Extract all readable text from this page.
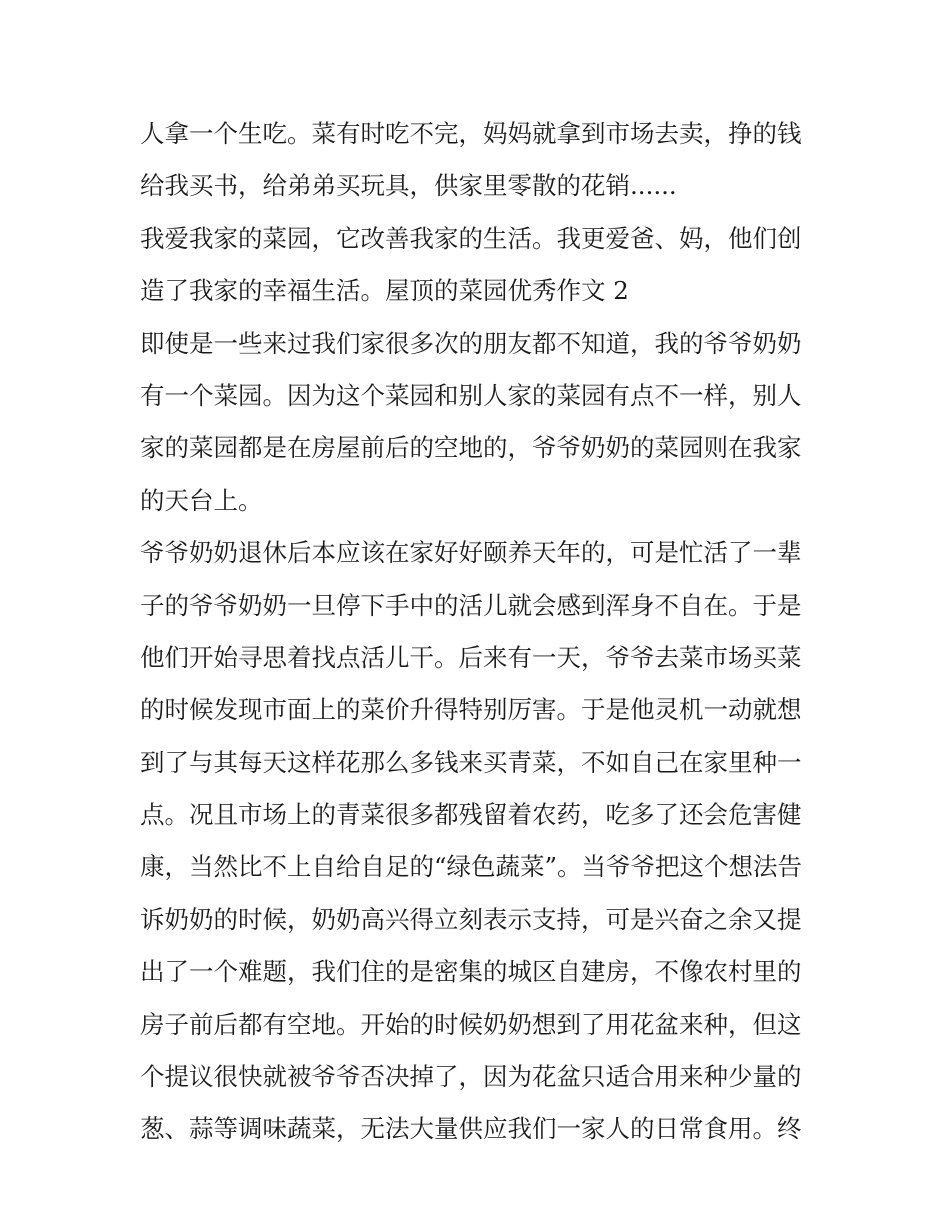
人拿一个生吃。菜有时吃不完，妈妈就拿到市场去卖，挣的钱
给我买书，给弟弟买玩具，供家里零散的花销......
我爱我家的菜园，它改善我家的生活。我更爱爸、妈，他们创
造了我家的幸福生活。屋顶的菜园优秀作文 2
即使是一些来过我们家很多次的朋友都不知道，我的爷爷奶奶
有一个菜园。因为这个菜园和别人家的菜园有点不一样，别人
家的菜园都是在房屋前后的空地的，爷爷奶奶的菜园则在我家
的天台上。
爷爷奶奶退休后本应该在家好好颐养天年的，可是忙活了一辈
子的爷爷奶奶一旦停下手中的活儿就会感到浑身不自在。于是
他们开始寻思着找点活儿干。后来有一天，爷爷去菜市场买菜
的时候发现市面上的菜价升得特别厉害。于是他灵机一动就想
到了与其每天这样花那么多钱来买青菜，不如自己在家里种一
点。况且市场上的青菜很多都残留着农药，吃多了还会危害健
康，当然比不上自给自足的“绿色蔬菜”。当爷爷把这个想法告
诉奶奶的时候，奶奶高兴得立刻表示支持，可是兴奋之余又提
出了一个难题，我们住的是密集的城区自建房，不像农村里的
房子前后都有空地。开始的时候奶奶想到了用花盆来种，但这
个提议很快就被爷爷否决掉了，因为花盆只适合用来种少量的
葱、蒜等调味蔬菜，无法大量供应我们一家人的日常食用。终
